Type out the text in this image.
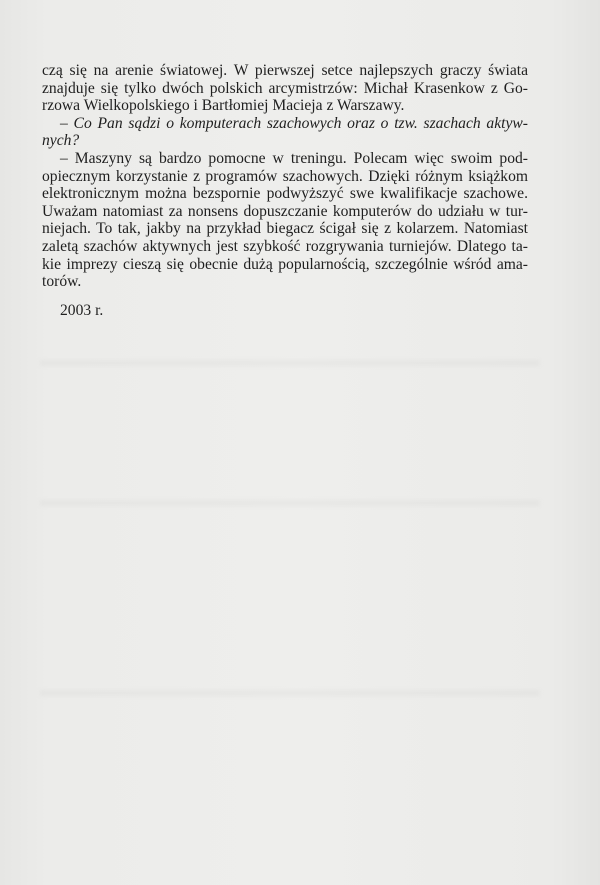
czą się na arenie światowej. W pierwszej setce najlepszych graczy świata
znajduje się tylko dwóch polskich arcymistrzów: Michał Krasenkow z Go-
rzowa Wielkopolskiego i Bartłomiej Macieja z Warszawy.

– Co Pan sądzi o komputerach szachowych oraz o tzw. szachach aktyw-
nych?

– Maszyny są bardzo pomocne w treningu. Polecam więc swoim pod-
opiecznym korzystanie z programów szachowych. Dzięki różnym książkom
elektronicznym można bezspornie podwyższyć swe kwalifikacje szachowe.
Uważam natomiast za nonsens dopuszczanie komputerów do udziału w tur-
niejach. To tak, jakby na przykład biegacz ścigał się z kolarzem. Natomiast
zaletą szachów aktywnych jest szybkość rozgrywania turniejów. Dlatego ta-
kie imprezy cieszą się obecnie dużą popularnością, szczególnie wśród ama-
torów.

2003 r.
